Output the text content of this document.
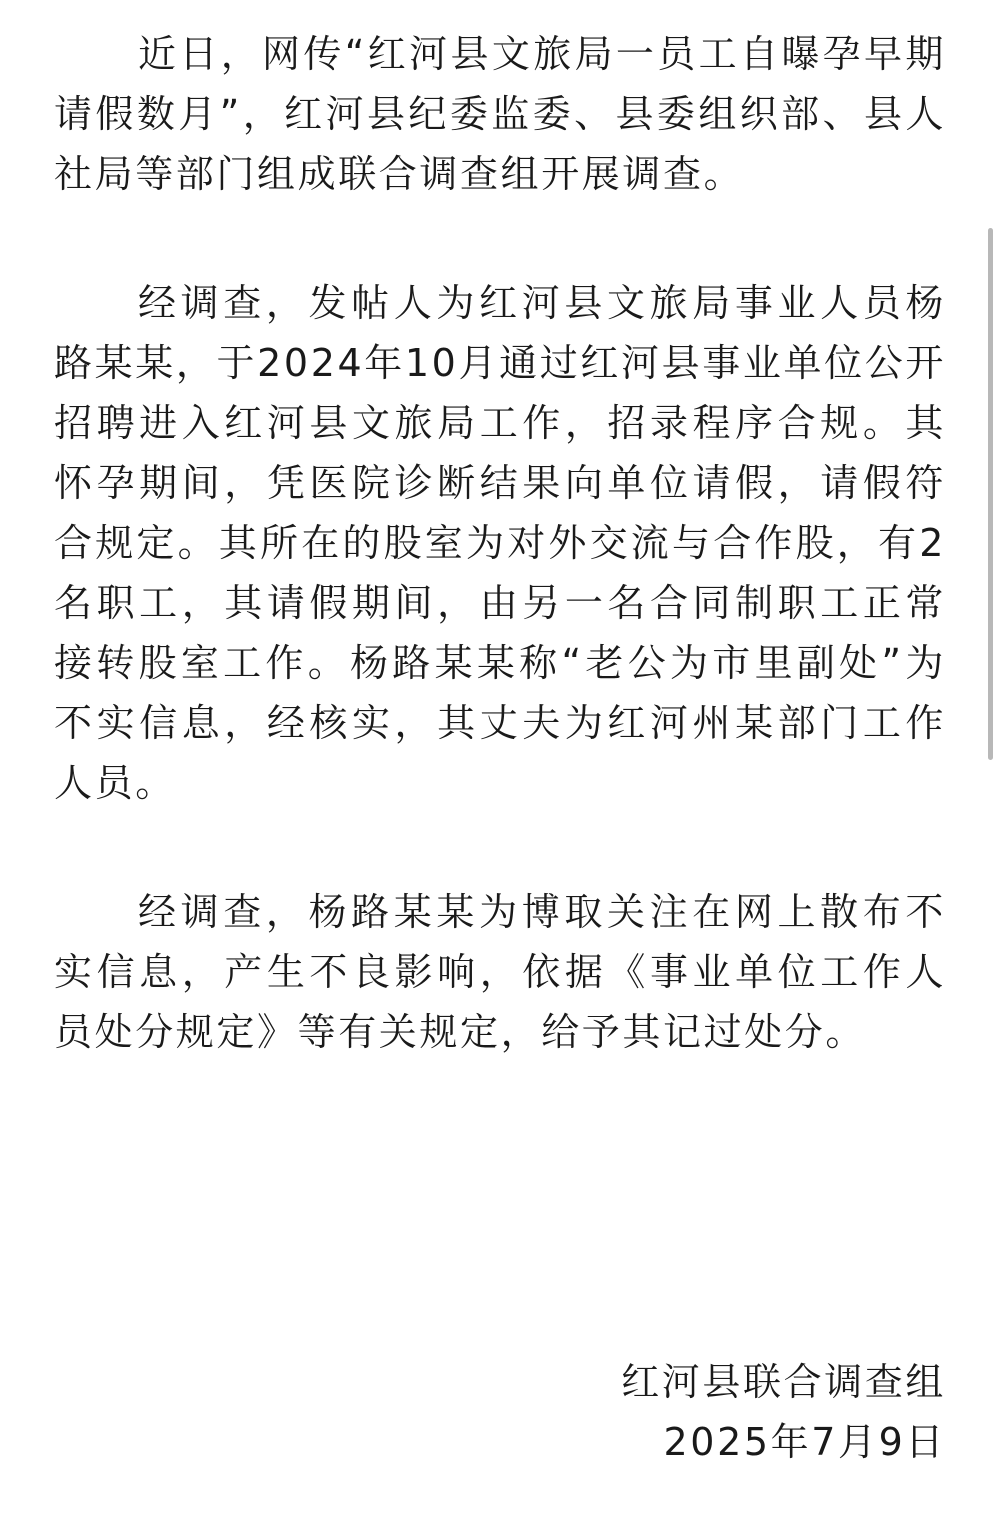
近日，网传“红河县文旅局一员工自曝孕早期请假数月”，红河县纪委监委、县委组织部、县人社局等部门组成联合调查组开展调查。

经调查，发帖人为红河县文旅局事业人员杨路某某，于2024年10月通过红河县事业单位公开招聘进入红河县文旅局工作，招录程序合规。其怀孕期间，凭医院诊断结果向单位请假，请假符合规定。其所在的股室为对外交流与合作股，有2名职工，其请假期间，由另一名合同制职工正常接转股室工作。杨路某某称“老公为市里副处”为不实信息，经核实，其丈夫为红河州某部门工作人员。

经调查，杨路某某为博取关注在网上散布不实信息，产生不良影响，依据《事业单位工作人员处分规定》等有关规定，给予其记过处分。

红河县联合调查组
2025年7月9日
